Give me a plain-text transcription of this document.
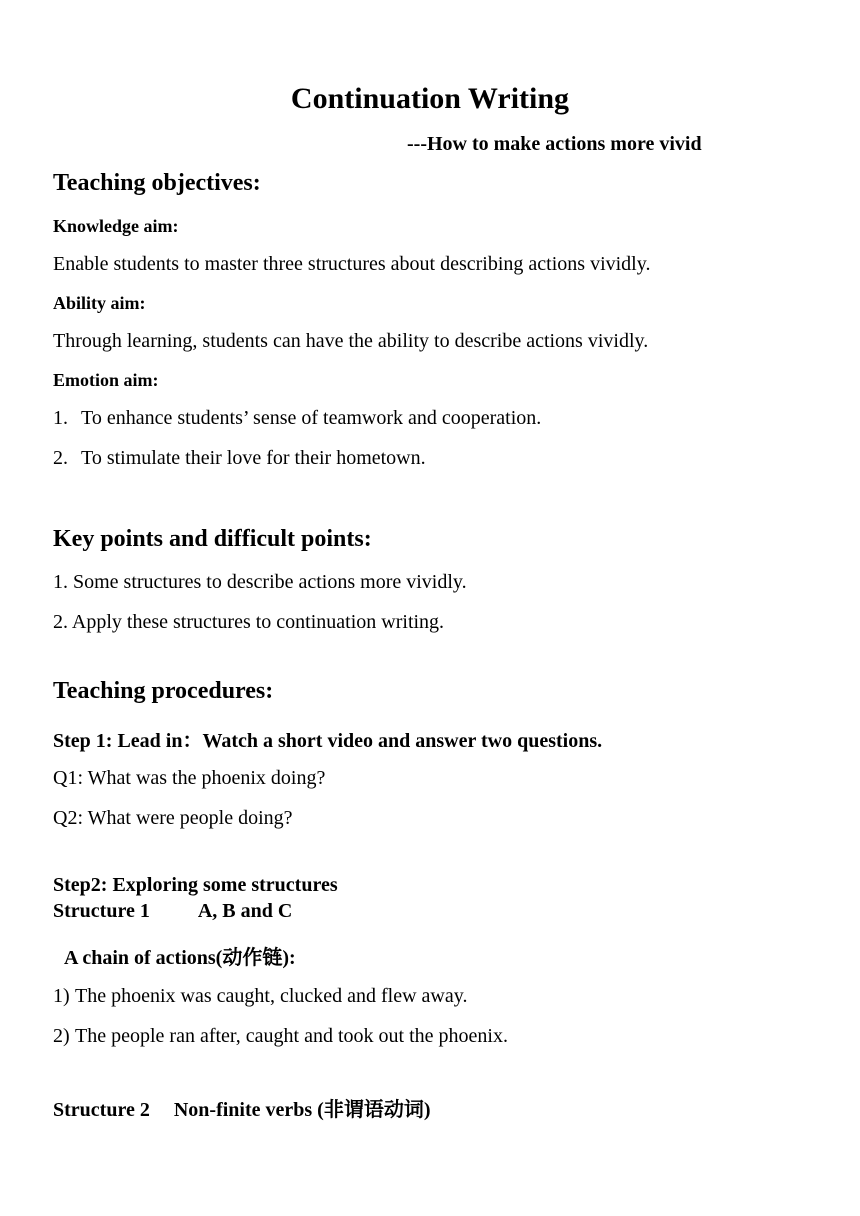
Continuation Writing
---How to make actions more vivid
Teaching objectives:
Knowledge aim:
Enable students to master three structures about describing actions vividly.
Ability aim:
Through learning, students can have the ability to describe actions vividly.
Emotion aim:
1. To enhance students’ sense of teamwork and cooperation.
2. To stimulate their love for their hometown.
Key points and difficult points:
1. Some structures to describe actions more vividly.
2. Apply these structures to continuation writing.
Teaching procedures:
Step 1: Lead in：Watch a short video and answer two questions.
Q1: What was the phoenix doing?
Q2: What were people doing?
Step2: Exploring some structures
Structure 1 A, B and C
A chain of actions(动作链):
1) The phoenix was caught, clucked and flew away.
2) The people ran after, caught and took out the phoenix.
Structure 2 Non-finite verbs (非谓语动词)
